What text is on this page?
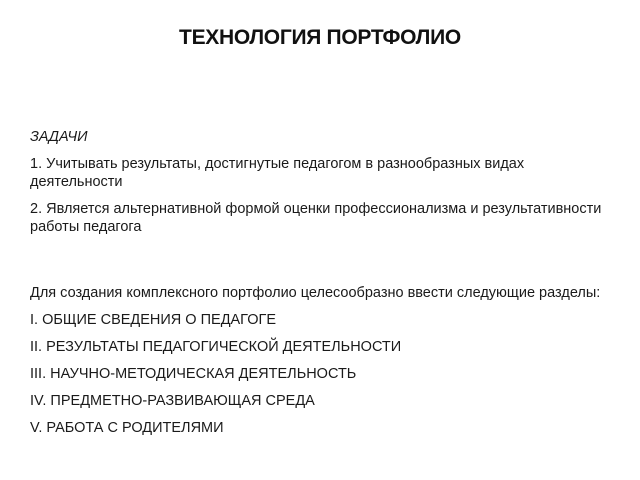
ТЕХНОЛОГИЯ ПОРТФОЛИО

ЗАДАЧИ

1. Учитывать результаты, достигнутые педагогом в разнообразных видах деятельности

2. Является альтернативной формой оценки профессионализма и результативности работы педагога

Для создания комплексного портфолио целесообразно ввести следующие разделы:

I. ОБЩИЕ СВЕДЕНИЯ О ПЕДАГОГЕ

II. РЕЗУЛЬТАТЫ ПЕДАГОГИЧЕСКОЙ ДЕЯТЕЛЬНОСТИ

III. НАУЧНО-МЕТОДИЧЕСКАЯ ДЕЯТЕЛЬНОСТЬ

IV. ПРЕДМЕТНО-РАЗВИВАЮЩАЯ СРЕДА

V. РАБОТА С РОДИТЕЛЯМИ
